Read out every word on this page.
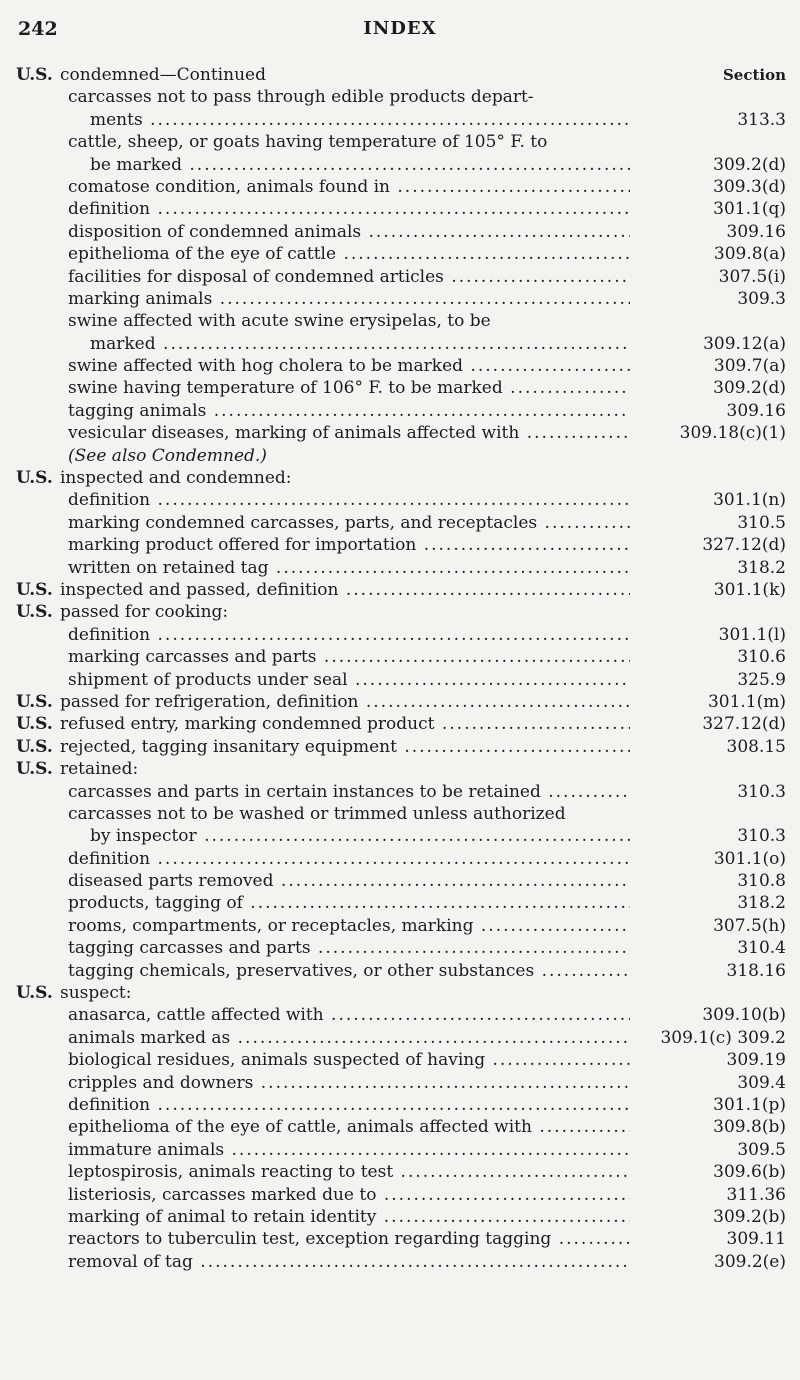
242	INDEX
U.S. condemned—Continued	Section
carcasses not to pass through edible products depart-
ments .....	313.3
cattle, sheep, or goats having temperature of 105° F. to
be marked .....	309.2(d)
comatose condition, animals found in .....	309.3(d)
definition .....	301.1(q)
disposition of condemned animals .....	309.16
epithelioma of the eye of cattle .....	309.8(a)
facilities for disposal of condemned articles .....	307.5(i)
marking animals .....	309.3
swine affected with acute swine erysipelas, to be
marked .....	309.12(a)
swine affected with hog cholera to be marked .....	309.7(a)
swine having temperature of 106° F. to be marked .....	309.2(d)
tagging animals .....	309.16
vesicular diseases, marking of animals affected with .....	309.18(c)(1)
(See also Condemned.)
U.S. inspected and condemned:
definition .....	301.1(n)
marking condemned carcasses, parts, and receptacles .....	310.5
marking product offered for importation .....	327.12(d)
written on retained tag .....	318.2
U.S. inspected and passed, definition .....	301.1(k)
U.S. passed for cooking:
definition .....	301.1(l)
marking carcasses and parts .....	310.6
shipment of products under seal .....	325.9
U.S. passed for refrigeration, definition .....	301.1(m)
U.S. refused entry, marking condemned product .....	327.12(d)
U.S. rejected, tagging insanitary equipment .....	308.15
U.S. retained:
carcasses and parts in certain instances to be retained .....	310.3
carcasses not to be washed or trimmed unless authorized
by inspector .....	310.3
definition .....	301.1(o)
diseased parts removed .....	310.8
products, tagging of .....	318.2
rooms, compartments, or receptacles, marking .....	307.5(h)
tagging carcasses and parts .....	310.4
tagging chemicals, preservatives, or other substances .....	318.16
U.S. suspect:
anasarca, cattle affected with .....	309.10(b)
animals marked as .....	309.1(c) 309.2
biological residues, animals suspected of having .....	309.19
cripples and downers .....	309.4
definition .....	301.1(p)
epithelioma of the eye of cattle, animals affected with .....	309.8(b)
immature animals .....	309.5
leptospirosis, animals reacting to test .....	309.6(b)
listeriosis, carcasses marked due to .....	311.36
marking of animal to retain identity .....	309.2(b)
reactors to tuberculin test, exception regarding tagging .....	309.11
removal of tag .....	309.2(e)
